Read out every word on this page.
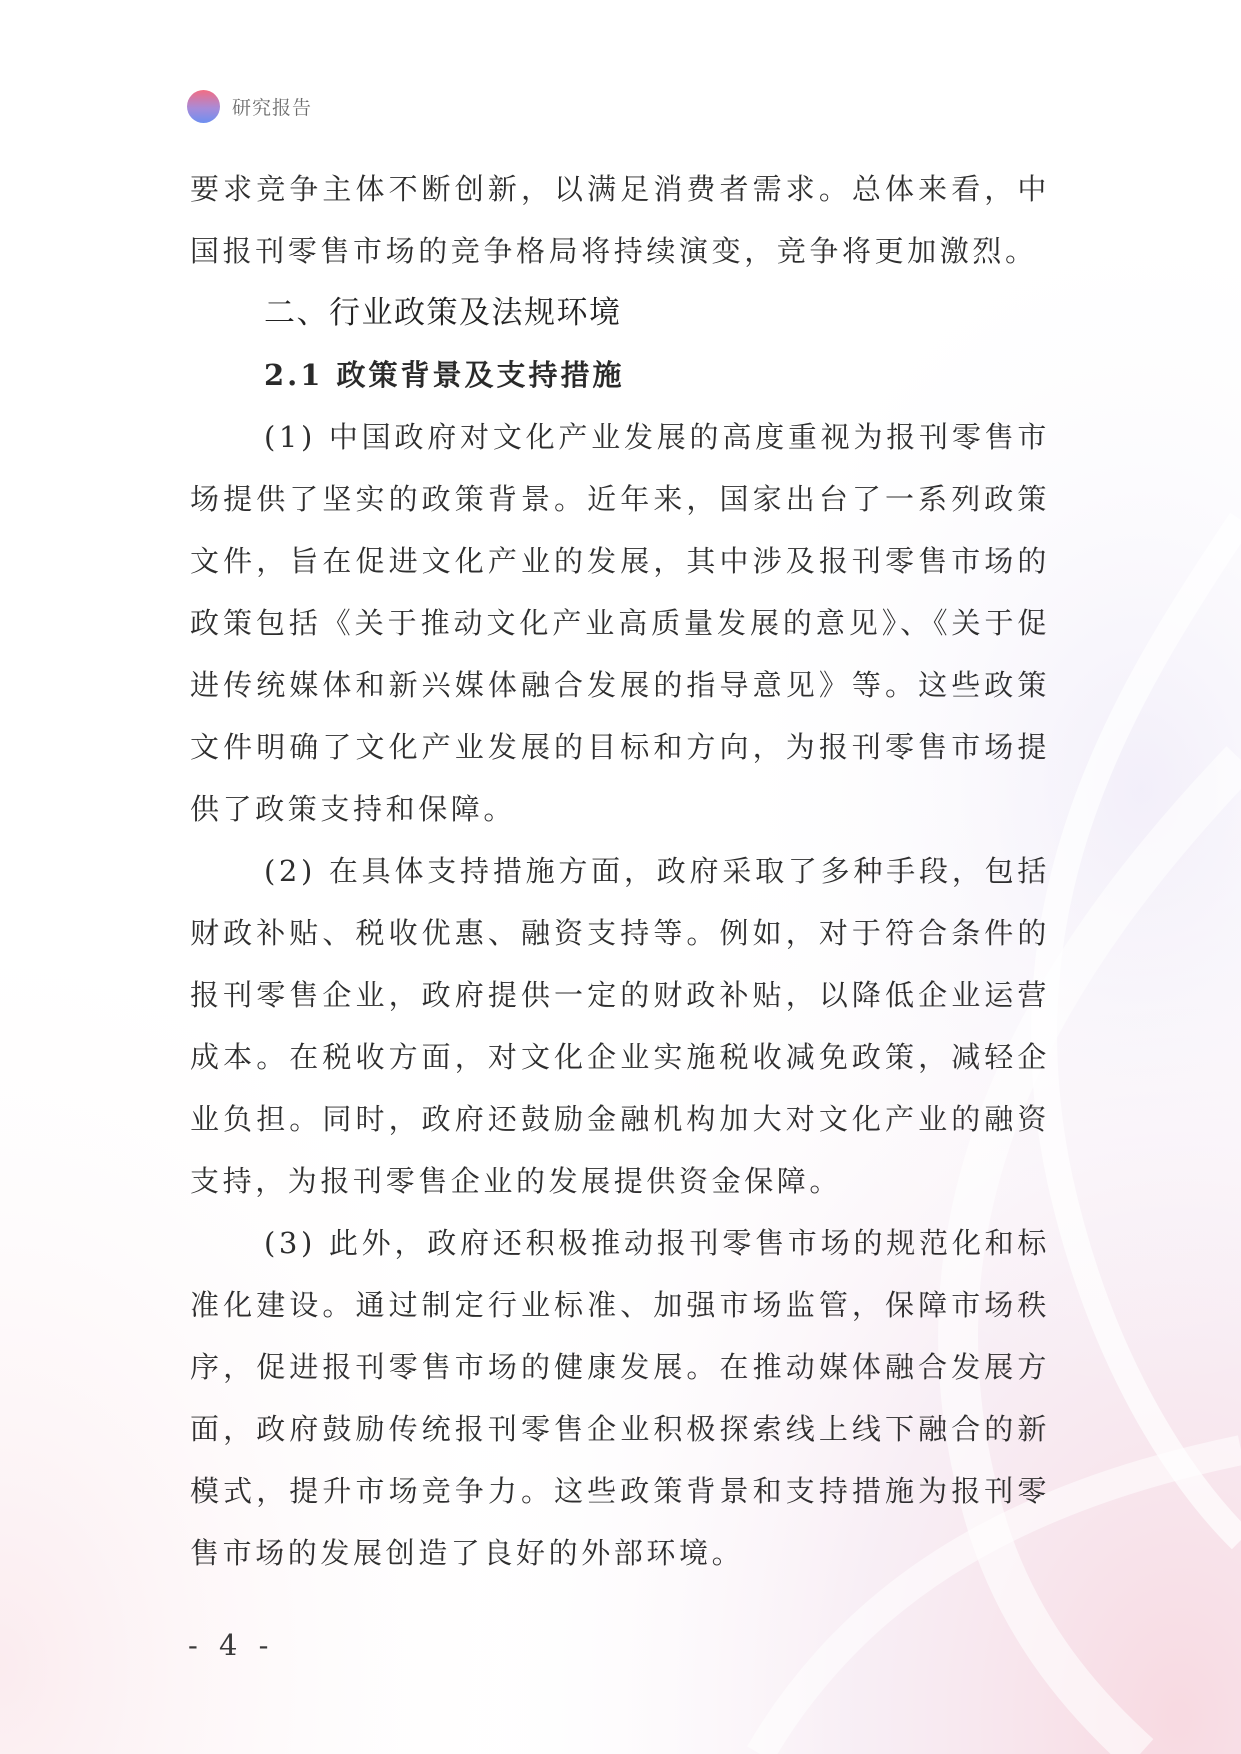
研究报告

要求竞争主体不断创新，以满足消费者需求。总体来看，中国报刊零售市场的竞争格局将持续演变，竞争将更加激烈。

二、行业政策及法规环境
2.1 政策背景及支持措施

(1) 中国政府对文化产业发展的高度重视为报刊零售市场提供了坚实的政策背景。近年来，国家出台了一系列政策文件，旨在促进文化产业的发展，其中涉及报刊零售市场的政策包括《关于推动文化产业高质量发展的意见》、《关于促进传统媒体和新兴媒体融合发展的指导意见》等。这些政策文件明确了文化产业发展的目标和方向，为报刊零售市场提供了政策支持和保障。

(2) 在具体支持措施方面，政府采取了多种手段，包括财政补贴、税收优惠、融资支持等。例如，对于符合条件的报刊零售企业，政府提供一定的财政补贴，以降低企业运营成本。在税收方面，对文化企业实施税收减免政策，减轻企业负担。同时，政府还鼓励金融机构加大对文化产业的融资支持，为报刊零售企业的发展提供资金保障。

(3) 此外，政府还积极推动报刊零售市场的规范化和标准化建设。通过制定行业标准、加强市场监管，保障市场秩序，促进报刊零售市场的健康发展。在推动媒体融合发展方面，政府鼓励传统报刊零售企业积极探索线上线下融合的新模式，提升市场竞争力。这些政策背景和支持措施为报刊零售市场的发展创造了良好的外部环境。

- 4 -
